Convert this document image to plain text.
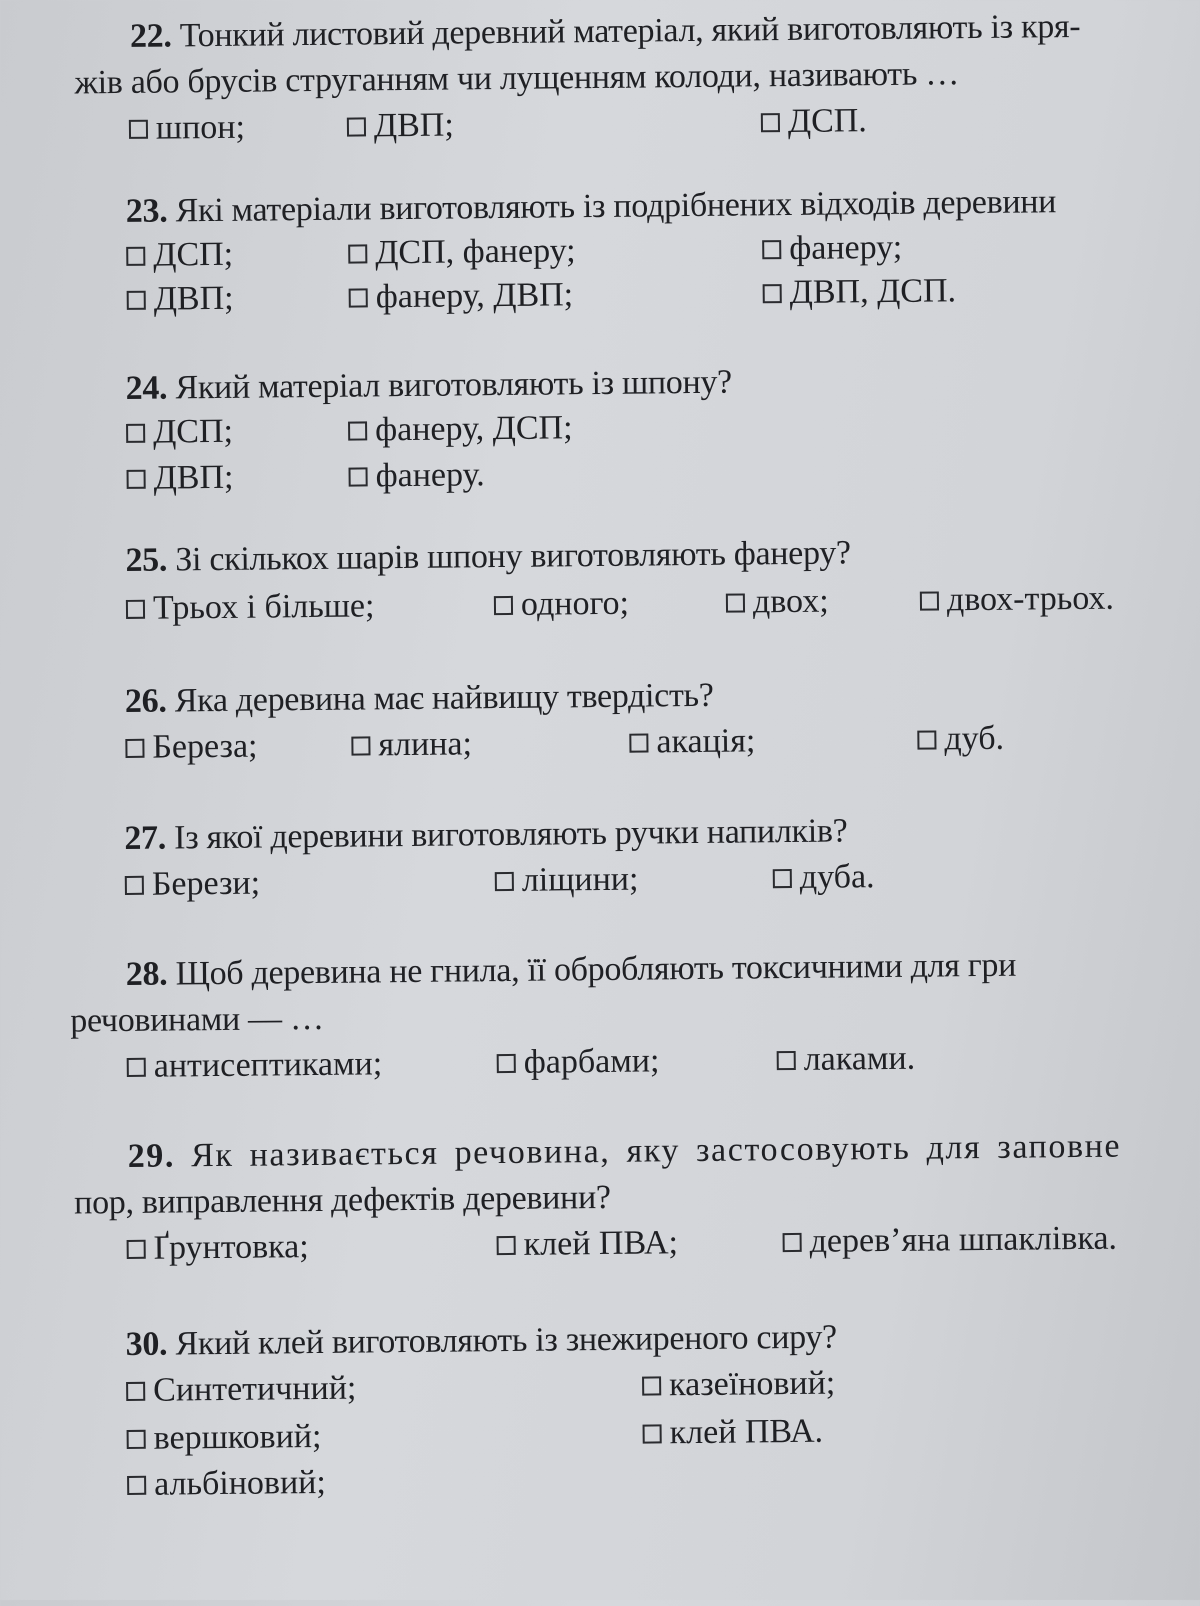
22. Тонкий листовий деревний матеріал, який виготовляють із кря-
жів або брусів струганням чи лущенням колоди, називають …
шпон;	ДВП;	ДСП.
23. Які матеріали виготовляють із подрібнених відходів деревини
ДСП;	ДСП, фанеру;	фанеру;
ДВП;	фанеру, ДВП;	ДВП, ДСП.
24. Який матеріал виготовляють із шпону?
ДСП;	фанеру, ДСП;
ДВП;	фанеру.
25. Зі скількох шарів шпону виготовляють фанеру?
Трьох і більше;	одного;	двох;	двох-трьох.
26. Яка деревина має найвищу твердість?
Береза;	ялина;	акація;	дуб.
27. Із якої деревини виготовляють ручки напилків?
Берези;	ліщини;	дуба.
28. Щоб деревина не гнила, її обробляють токсичними для гри
речовинами — …
антисептиками;	фарбами;	лаками.
29. Як називається речовина, яку застосовують для заповне
пор, виправлення дефектів деревини?
Ґрунтовка;	клей ПВА;	дерев’яна шпаклівка.
30. Який клей виготовляють із знежиреного сиру?
Синтетичний;	казеїновий;
вершковий;	клей ПВА.
альбіновий;
